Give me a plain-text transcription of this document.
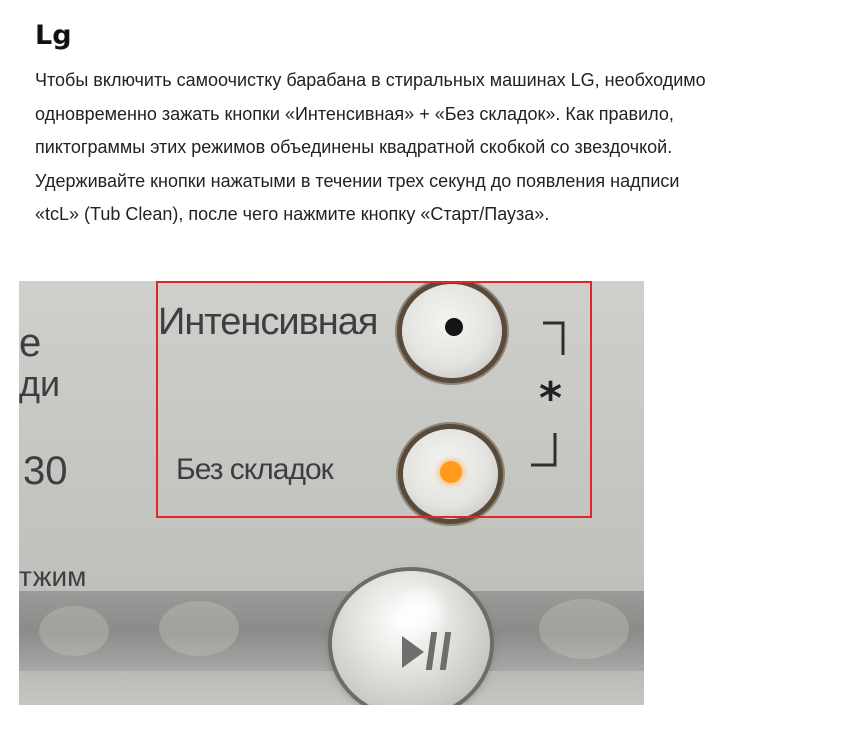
Lg
Чтобы включить самоочистку барабана в стиральных машинах LG, необходимо
одновременно зажать кнопки «Интенсивная» + «Без складок». Как правило,
пиктограммы этих режимов объединены квадратной скобкой со звездочкой.
Удерживайте кнопки нажатыми в течении трех секунд до появления надписи
«tcL» (Tub Clean), после чего нажмите кнопку «Старт/Пауза».
е
ди
30
тжим
Интенсивная
Без складок
*
